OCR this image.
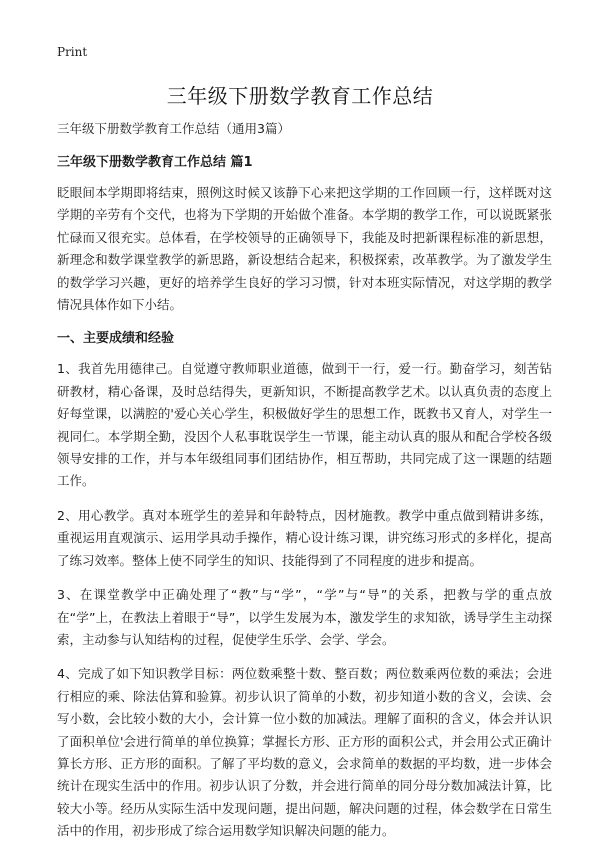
Print
三年级下册数学教育工作总结

三年级下册数学教育工作总结（通用3篇）

三年级下册数学教育工作总结 篇1

眨眼间本学期即将结束，照例这时候又该静下心来把这学期的工作回顾一行，这样既对这学期的辛劳有个交代，也将为下学期的开始做个准备。本学期的教学工作，可以说既紧张忙碌而又很充实。总体看，在学校领导的正确领导下，我能及时把新课程标准的新思想，新理念和数学课堂教学的新思路，新设想结合起来，积极探索，改革教学。为了激发学生的数学学习兴趣，更好的培养学生良好的学习习惯，针对本班实际情况，对这学期的教学情况具体作如下小结。

一、主要成绩和经验

1、我首先用德律己。自觉遵守教师职业道德，做到干一行，爱一行。勤奋学习，刻苦钻研教材，精心备课，及时总结得失，更新知识，不断提高教学艺术。以认真负责的态度上好每堂课，以满腔的'爱心关心学生，积极做好学生的思想工作，既教书又育人，对学生一视同仁。本学期全勤，没因个人私事耽误学生一节课，能主动认真的服从和配合学校各级领导安排的工作，并与本年级组同事们团结协作，相互帮助，共同完成了这一课题的结题工作。

2、用心教学。真对本班学生的差异和年龄特点，因材施教。教学中重点做到精讲多练，重视运用直观演示、运用学具动手操作，精心设计练习课，讲究练习形式的多样化，提高了练习效率。整体上使不同学生的知识、技能得到了不同程度的进步和提高。

3、在课堂教学中正确处理了“教”与“学”，“学”与“导”的关系，把教与学的重点放在“学”上，在教法上着眼于“导”，以学生发展为本，激发学生的求知欲，诱导学生主动探索，主动参与认知结构的过程，促使学生乐学、会学、学会。

4、完成了如下知识教学目标：两位数乘整十数、整百数；两位数乘两位数的乘法；会进行相应的乘、除法估算和验算。初步认识了简单的小数，初步知道小数的含义，会读、会写小数，会比较小数的大小，会计算一位小数的加减法。理解了面积的含义，体会并认识了面积单位'会进行简单的单位换算；掌握长方形、正方形的面积公式，并会用公式正确计算长方形、正方形的面积。了解了平均数的意义，会求简单的数据的平均数，进一步体会统计在现实生活中的作用。初步认识了分数，并会进行简单的同分母分数加减法计算，比较大小等。经历从实际生活中发现问题，提出问题，解决问题的过程，体会数学在日常生活中的作用，初步形成了综合运用数学知识解决问题的能力。
